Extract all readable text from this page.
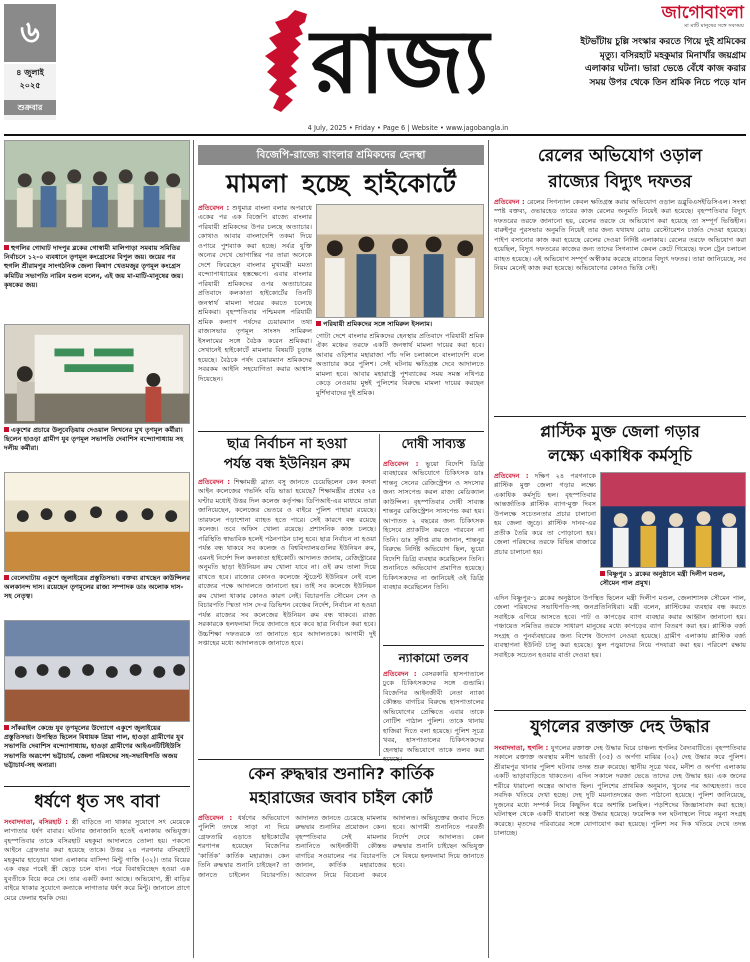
৬
৪ জুলাই
২০২৫
শুক্রবার	রাজ্য
4 July, 2025 • Friday • Page 6 | Website • www.jagobangla.in
জাগোবাংলা
মা মাটি মানুষের সঙ্গে সবসময়
ইটভাঁটায় চুল্লি সংস্কার করতে গিয়ে দুই শ্রমিকের মৃত্যু। বসিরহাট মহকুমার মিনাখাঁর জয়গ্রাম এলাকার ঘটনা। ভারা ভেঙে বেঁধে কাজ করার সময় উপর থেকে তিন শ্রমিক নিচে পড়ে যান
হুগলির গোঘাট দাদপুর ব্লকের গোস্বামী মালিপাড়া সমবায় সমিতির নির্বাচনে ১২-০ ব্যবধানে তৃণমূল কংগ্রেসের বিপুল জয়। জয়ের পর হুগলি শ্রীরামপুর সাংগঠনিক জেলা কিষাণ খেতমজুর তৃণমূল কংগ্রেস কমিটির সভাপতি নারিন মণ্ডল বলেন, এই জয় মা-মাটি-মানুষের জয়। কৃষকের জয়।
একুশের প্রচারে উলুবেড়িয়ায় দেওয়াল লিখনের মুখ তৃণমূল কর্মীরা। ছিলেন হাওড়া গ্রামীণ যুব তৃণমূল সভাপতি দেবাশিস বন্দ্যোপাধ্যায় সহ দলীয় কর্মীরা।
বেলেঘাটায় একুশে জুলাইয়ের প্রস্তুতিসভা। বক্তব্য রাখছেন কাউন্সিলর অলকানন্দ দাস। রয়েছেন তৃণমূলের রাজ্য সম্পাদক ডাঃ অলোক দাস-সহ নেতৃত্ব।
সাঁকরাইল কেন্দ্রে যুব তৃণমূলের উদ্যোগে একুশে জুলাইয়ের প্রস্তুতিসভা। উপস্থিত ছিলেন বিধায়ক প্রিয়া পাল, হাওড়া গ্রামীণের যুব সভাপতি দেবাশিস বন্দ্যোপাধ্যায়, হাওড়া গ্রামীণের আইএনটিটিইউসি সভাপতি অরূপেশ ভট্টাচার্য, জেলা পরিষদের সহ-সভাধিপতি অজয় ভট্টাচার্য-সহ অন্যরা।
ধর্ষণে ধৃত সৎ বাবা
সংবাদদাতা, বসিরহাট : স্ত্রী বাড়িতে না থাকার সুযোগে সৎ মেয়েকে লাগাতার ধর্ষণ বাবার। ঘটনার জানাজানি হতেই এলাকায় অভিযুক্ত। বৃহস্পতিবার তাকে বসিরহাট মহকুমা আদালতে তোলা হয়। পকসো আইনে গ্রেফতার করা হয়েছে তাকে। উত্তর ২৪ পরগনার বসিরহাট মহকুমার হাড়োয়া থানা এলাকার বাসিন্দা মিন্টু গাজি (৩২)। তার বিয়ের এক বছর পরেই স্ত্রী ছেড়ে চলে যান। পরে বিবাহবিচ্ছেদ হওয়া এক যুবতীকে বিয়ে করে সে। তার একটি কন্যা আছে। অভিযোগ, স্ত্রী বাড়ির বাইরে থাকার সুযোগে কন্যাকে লাগাতার ধর্ষণ করে মিন্টু। জানালে প্রাণে মেরে ফেলার হুমকি দেয়।
বিজেপি-রাজ্যে বাংলার শ্রমিকদের হেনস্থা
মামলা হচ্ছে হাইকোর্টে
প্রতিবেদন : শুধুমাত্র বাংলা বলার অপরাধে একের পর এক বিজেপি রাজ্যে বাংলার পরিযায়ী শ্রমিকদের উপর চলছে অত্যাচার। কোথাও আবার বাংলাদেশি তকমা দিয়ে ওপারে পুশব্যাক করা হচ্ছে। সর্বত্র যুক্তি অন্যের দেখে ভোগান্তির পর তারা অনেকে দেশে ফিরেছেন বাংলার মুখ্যমন্ত্রী মমতা বন্দ্যোপাধ্যায়ের হস্তক্ষেপে। এবার বাংলার পরিযায়ী শ্রমিকদের ওপর অত্যাচারের প্রতিবাদে কলকাতা হাইকোর্টের তিনটি জনস্বার্থ মামলা দায়ের করতে চলেছে শ্রমিকরা। বৃহস্পতিবার পশ্চিমবঙ্গ পরিযায়ী শ্রমিক কল্যাণ পর্ষদের চেয়ারম্যান তথা রাজ্যসভার তৃণমূল সাংসদ সামিরুল ইসলামের সঙ্গে বৈঠক করেন শ্রমিকরা। সেখানেই হাইকোর্টে মামলার বিষয়টি চূড়ান্ত হয়েছে। বৈঠকে পর্ষদ চেয়ারম্যান শ্রমিকদের সবরকম আইনি সহযোগিতা করার আশ্বাস দিয়েছেন।
পরিযায়ী শ্রমিকদের সঙ্গে সামিরুল ইসলাম।
গোটা দেশে বাংলার শ্রমিকদের হেনস্থার প্রতিবাদে পরিযায়ী শ্রমিক ঐক্য মঞ্চের তরফে একটি জনস্বার্থ মামলা দায়ের করা হবে। আবার ওড়িশার মহারাজা পাঁচ দলি চলাকালে বাংলাদেশি বলে অত্যাচার করে পুলিশ। সেই ঘটনায় ক্ষতিগ্রস্ত দেবে আদালতে মামলা হবে। আবার মহারাষ্ট্রে পুশব্যাকের সময় সমস্ত নথিপত্র কেড়ে নেওয়ায় মুম্বই পুলিশের বিরুদ্ধে মামলা দায়ের করছেন মুর্শিদাবাদের দুই শ্রমিক।
ছাত্র নির্বাচন না হওয়া
পর্যন্ত বন্ধ ইউনিয়ন রুম
প্রতিবেদন : শিক্ষামন্ত্রী ব্রাত্য বসু জানতে চেয়েছিলেন কেন কসবা আইন কলেজের গভর্নিং বডি ভাঙা হয়েছে? শিক্ষামন্ত্রীর প্রশ্নের ২৪ ঘণ্টার মধ্যেই উত্তর দিল কলেজ কর্তৃপক্ষ। ডিপিআই-এর মাধ্যমে তারা জানিয়েছেন, কলেজের ভেতরে ও বাইরে পুলিশ পাহারা রয়েছে। তারফলে পড়াশোনা ব্যাহত হতে পারে। সেই কারণে বন্ধ রয়েছে কলেজ। তবে অফিস খোলা রয়েছে। প্রশাসনিক কাজ চলছে। পরিস্থিতি স্বাভাবিক হলেই পঠনপাঠন চালু হবে। ছাত্র নির্বাচন না হওয়া পর্যন্ত বন্ধ থাকবে সব কলেজ ও বিশ্ববিদ্যালয়গুলির ইউনিয়ন রুম, এমনই নির্দেশ দিল কলকাতা হাইকোর্ট। আদালত জানায়, রেজিস্ট্রারের অনুমতি ছাড়া ইউনিয়ন রুম খোলা যাবে না। ওই রুম তালা দিয়ে রাখতে হবে। রাজ্যের কোনও কলেজে স্টুডেন্ট ইউনিয়ন নেই বলে রাজ্যের পক্ষে আদালতে জানানো হয়। তাই সব কলেজে ইউনিয়ন রুম খোলা থাকার কোনও কারণ নেই। বিচারপতি সৌমেন সেন ও বিচারপতি স্মিতা দাস দে-র ডিভিশন বেঞ্চের নির্দেশ, নির্বাচন না হওয়া পর্যন্ত রাজ্যের সব কলেজের ইউনিয়ন রুম বন্ধ থাকবে। রাজ্য সরকারকে হলফনামা দিয়ে জানাতে হবে কবে ছাত্র নির্বাচন করা হবে। উচ্চশিক্ষা দফতরকে তা জানাতে হবে আদালতকে। আগামী দুই সপ্তাহের মধ্যে আদালতকে জানাতে হবে।
দোষী সাব্যস্ত
প্রতিবেদন : ভুয়ো বিদেশি ডিগ্রি ব্যবহারের অভিযোগে চিকিৎসক ডাঃ শান্তনু সেনের রেজিস্ট্রেশন ও সদস্যের জন্য সাসপেন্ড করল রাজ্য মেডিক্যাল কাউন্সিল। বৃহস্পতিবার দোষী সাব্যস্ত শান্তনুর রেজিস্ট্রেশন সাসপেন্ড করা হয়। আপাতত ২ বছরের জন্য চিকিৎসক হিসেবে প্র্যাকটিস করতে পারবেন না তিনি। ডাঃ সুদীপ্ত রায় জানান, শান্তনুর বিরুদ্ধে নির্দিষ্ট অভিযোগ ছিল, ভুয়ো বিদেশি ডিগ্রি ব্যবহার করেছিলেন তিনি। শুনানিতে অভিযোগ প্রমাণিত হয়েছে। চিকিৎসকদের না জানিয়েই ওই ডিগ্রি ব্যবহার করেছিলেন তিনি।
ন্যাকামো তলব
প্রতিবেদন : বেসরকারি হাসপাতালে ঢুকে চিকিৎসকদের সঙ্গে গুন্ডামি। বিজেপির আইনজীবী নেতা ন্যাকা কৌস্তভ বাগচির বিরুদ্ধে হাসপাতালের অভিযোগের প্রেক্ষিতে এবার তাকে নোটিশ পাঠাল পুলিশ। তাকে থানায় হাজিরা দিতে বলা হয়েছে। পুলিশ সূত্রে খবর, হাসপাতালের চিকিৎসকদের হেনস্থার অভিযোগে তাকে তলব করা
কেন রুদ্ধদ্বার শুনানি? কার্তিক
মহারাজের জবাব চাইল কোর্ট
প্রতিবেদন : ধর্ষণের অভিযোগে পুলিশি তদন্তে সাড়া না দিয়ে গ্রেফতারি এড়াতে হাইকোর্টের শরণাপন্ন হয়েছেন বিজেপির ‘কার্তিক’ কার্তিক মহারাজ। কেন তিনি রুদ্ধদ্বার শুনানি চাইছেন? তা জানতে চাইলেন বিচারপতি। আদালত জানতে চেয়েছে মামলায় রুদ্ধদ্বার শুনানির প্রয়োজন কেন। বৃহস্পতিবার সেই মামলার শুনানিতে আইনজীবী কৌস্তভ বাগচির সওয়ালের পর বিচারপতি জানান, কার্তিক মহারাজের আবেদন নিয়ে বিবেচনা করবে আদালত। অভিযুক্তের জবাব দিতে হবে। আগামী শুনানিতে পরবর্তী নির্দেশ দেবে আদালত। কেন রুদ্ধদ্বার শুনানি চাইছেন অভিযুক্ত সে বিষয়ে হলফনামা দিয়ে জানাতে হবে।
রেলের অভিযোগ ওড়াল
রাজ্যের বিদ্যুৎ দফতর
প্রতিবেদন : রেলের সিগন্যাল কেবল ক্ষতিগ্রস্ত করার অভিযোগ ওড়াল ডব্লুবিএসইডিসিএল। সংস্থা স্পষ্ট বক্তব্য, ওভারহেড তারের কাজ রেলের অনুমতি নিয়েই করা হয়েছে। বৃহস্পতিবার বিদ্যুৎ দফতরের তরফে জানানো হয়, রেলের তরফে যে অভিযোগ করা হয়েছে তা সম্পূর্ণ ভিত্তিহীন। বারুইপুর পুরসভার অনুমতি নিয়েই তার জন্য যথাযথ রোড রেস্টোরেশন চার্জও দেওয়া হয়েছে। পাইপ বসানোর কাজ করা হয়েছে রেলের দেওয়া নির্দিষ্ট এলাকায়। রেলের তরফে অভিযোগ করা হয়েছিল, বিদ্যুৎ দফতরের কাজের জন্য তাদের সিগন্যাল কেবল কেটে গিয়েছে। ফলে ট্রেন চলাচল ব্যাহত হয়েছে। এই অভিযোগ সম্পূর্ণ অস্বীকার করেছে রাজ্যের বিদ্যুৎ দফতর। তারা জানিয়েছে, সব নিয়ম মেনেই কাজ করা হয়েছে। অভিযোগের কোনও ভিত্তি নেই।
প্লাস্টিক মুক্ত জেলা গড়ার
লক্ষ্যে একাধিক কর্মসূচি
প্রতিবেদন : দক্ষিণ ২৪ পরগনাকে প্লাস্টিক মুক্ত জেলা গড়ার লক্ষ্যে একাধিক কর্মসূচি হল। বৃহস্পতিবার আন্তর্জাতিক প্লাস্টিক ব্যাগ-মুক্ত দিবস উপলক্ষে সচেতনতার প্রচার চালানো হয় জেলা জুড়ে। প্লাস্টিক দানব-এর প্রতীক তৈরি করে তা পোড়ানো হয়। জেলা পরিষদের তরফে বিভিন্ন বাজারে প্রচার চালানো হয়।
বিষ্ণুপুর ১ ব্লকের অনুষ্ঠানে মন্ত্রী দিলীপ মণ্ডল, সৌমেন পাল প্রমুখ।
এদিন বিষ্ণুপুর-১ ব্লকের অনুষ্ঠানে উপস্থিত ছিলেন মন্ত্রী দিলীপ মণ্ডল, জেলাশাসক সৌমেন পাল, জেলা পরিষদের সভাধিপতি-সহ জনপ্রতিনিধিরা। মন্ত্রী বলেন, প্লাস্টিকের ব্যবহার বন্ধ করতে সবাইকে এগিয়ে আসতে হবে। পাট ও কাপড়ের ব্যাগ ব্যবহার করার আহ্বান জানানো হয়। পঞ্চায়েত সমিতির তরফে সাধারণ মানুষের মধ্যে কাপড়ের ব্যাগ বিতরণ করা হয়। প্লাস্টিক বর্জ্য সংগ্রহ ও পুনর্ব্যবহারের জন্য বিশেষ উদ্যোগ নেওয়া হয়েছে। গ্রামীণ এলাকায় প্লাস্টিক বর্জ্য ব্যবস্থাপনা ইউনিট চালু করা হয়েছে। স্কুল পড়ুয়াদের নিয়ে পদযাত্রা করা হয়। পরিবেশ রক্ষায় সবাইকে সচেতন হওয়ার বার্তা দেওয়া হয়।
যুগলের রক্তাক্ত দেহ উদ্ধার
সংবাদদাতা, হুগলি : যুগলের রক্তাক্ত দেহ উদ্ধার ঘিরে চাঞ্চল্য হুগলির বৈদ্যবাটিতে। বৃহস্পতিবার সকালে রক্তাক্ত অবস্থায় মনীশ ভারতী (৩৫) ও অর্পণা মাঝির (৩২) দেহ উদ্ধার করে পুলিশ। শ্রীরামপুর থানার পুলিশ ঘটনার তদন্ত শুরু করেছে। স্থানীয় সূত্রে খবর, মনীশ ও অর্পণা এলাকায় একটি ভাড়াবাড়িতে থাকতেন। এদিন সকালে দরজা ভেঙে তাদের দেহ উদ্ধার হয়। এক জনের শরীরে ধারালো অস্ত্রের আঘাত ছিল। পুলিশের প্রাথমিক অনুমান, খুনের পর আত্মহত্যা। তবে সবদিক খতিয়ে দেখা হচ্ছে। দেহ দুটি ময়নাতদন্তের জন্য পাঠানো হয়েছে। পুলিশ জানিয়েছে, দুজনের মধ্যে সম্পর্ক নিয়ে কিছুদিন ধরে অশান্তি চলছিল। পড়শিদের জিজ্ঞাসাবাদ করা হচ্ছে। ঘটনাস্থল থেকে একটি ধারালো অস্ত্র উদ্ধার হয়েছে। ফরেন্সিক দল ঘটনাস্থলে গিয়ে নমুনা সংগ্রহ করেছে। মৃতদের পরিবারের সঙ্গে যোগাযোগ করা হয়েছে। পুলিশ সব দিক খতিয়ে দেখে তদন্ত চালাচ্ছে।
